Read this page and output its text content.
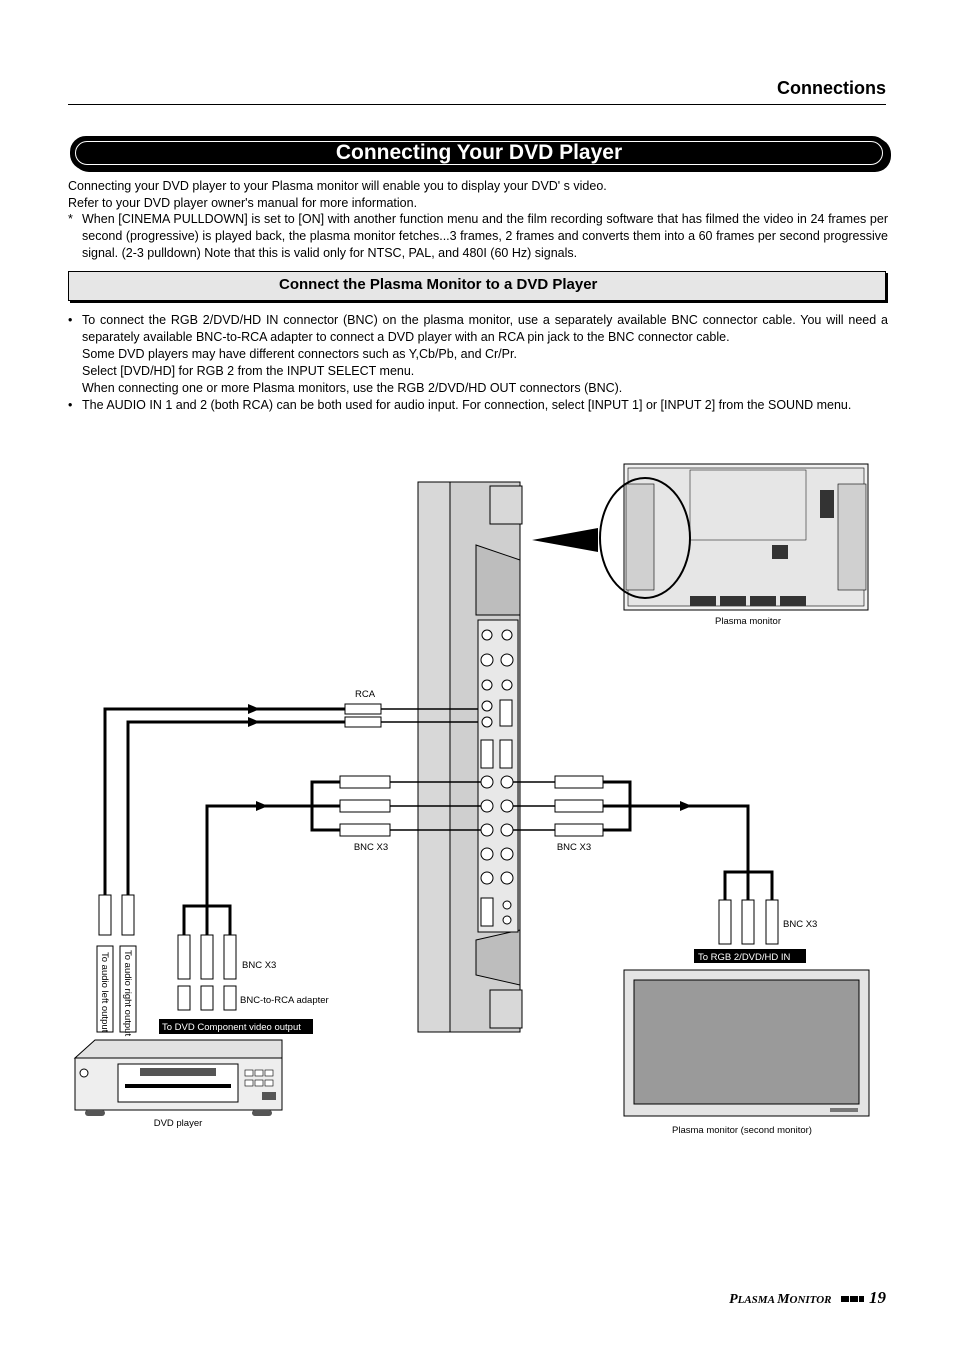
Connections
Connecting Your DVD Player
Connecting your DVD player to your Plasma monitor will enable you to display your DVD' s video.
Refer to your DVD player owner's manual for more information.
* When [CINEMA PULLDOWN] is set to [ON] with another function menu and the film recording software that has filmed the video in 24 frames per second (progressive) is played back, the plasma monitor fetches...3 frames, 2 frames and converts them into a 60 frames per second progressive signal. (2-3 pulldown) Note that this is valid only for NTSC, PAL, and 480I (60 Hz) signals.
Connect the Plasma Monitor to a DVD Player
• To connect the RGB 2/DVD/HD IN connector (BNC) on the plasma monitor, use a separately available BNC connector cable. You will need a separately available BNC-to-RCA adapter to connect a DVD player with an RCA pin jack to the BNC connector cable.
Some DVD players may have different connectors such as Y,Cb/Pb, and Cr/Pr.
Select [DVD/HD] for RGB 2 from the INPUT SELECT menu.
When connecting one or more Plasma monitors, use the RGB 2/DVD/HD OUT connectors (BNC).
• The AUDIO IN 1 and 2 (both RCA) can be both used for audio input. For connection, select [INPUT 1] or [INPUT 2] from the SOUND menu.
Plasma monitor
RCA
BNC X3	BNC X3
BNC X3
To RGB 2/DVD/HD IN
BNC X3
BNC-to-RCA adapter
To audio left output To audio right output	To DVD Component video output
DVD player
Plasma monitor (second monitor)
PLASMA MONITOR 19
